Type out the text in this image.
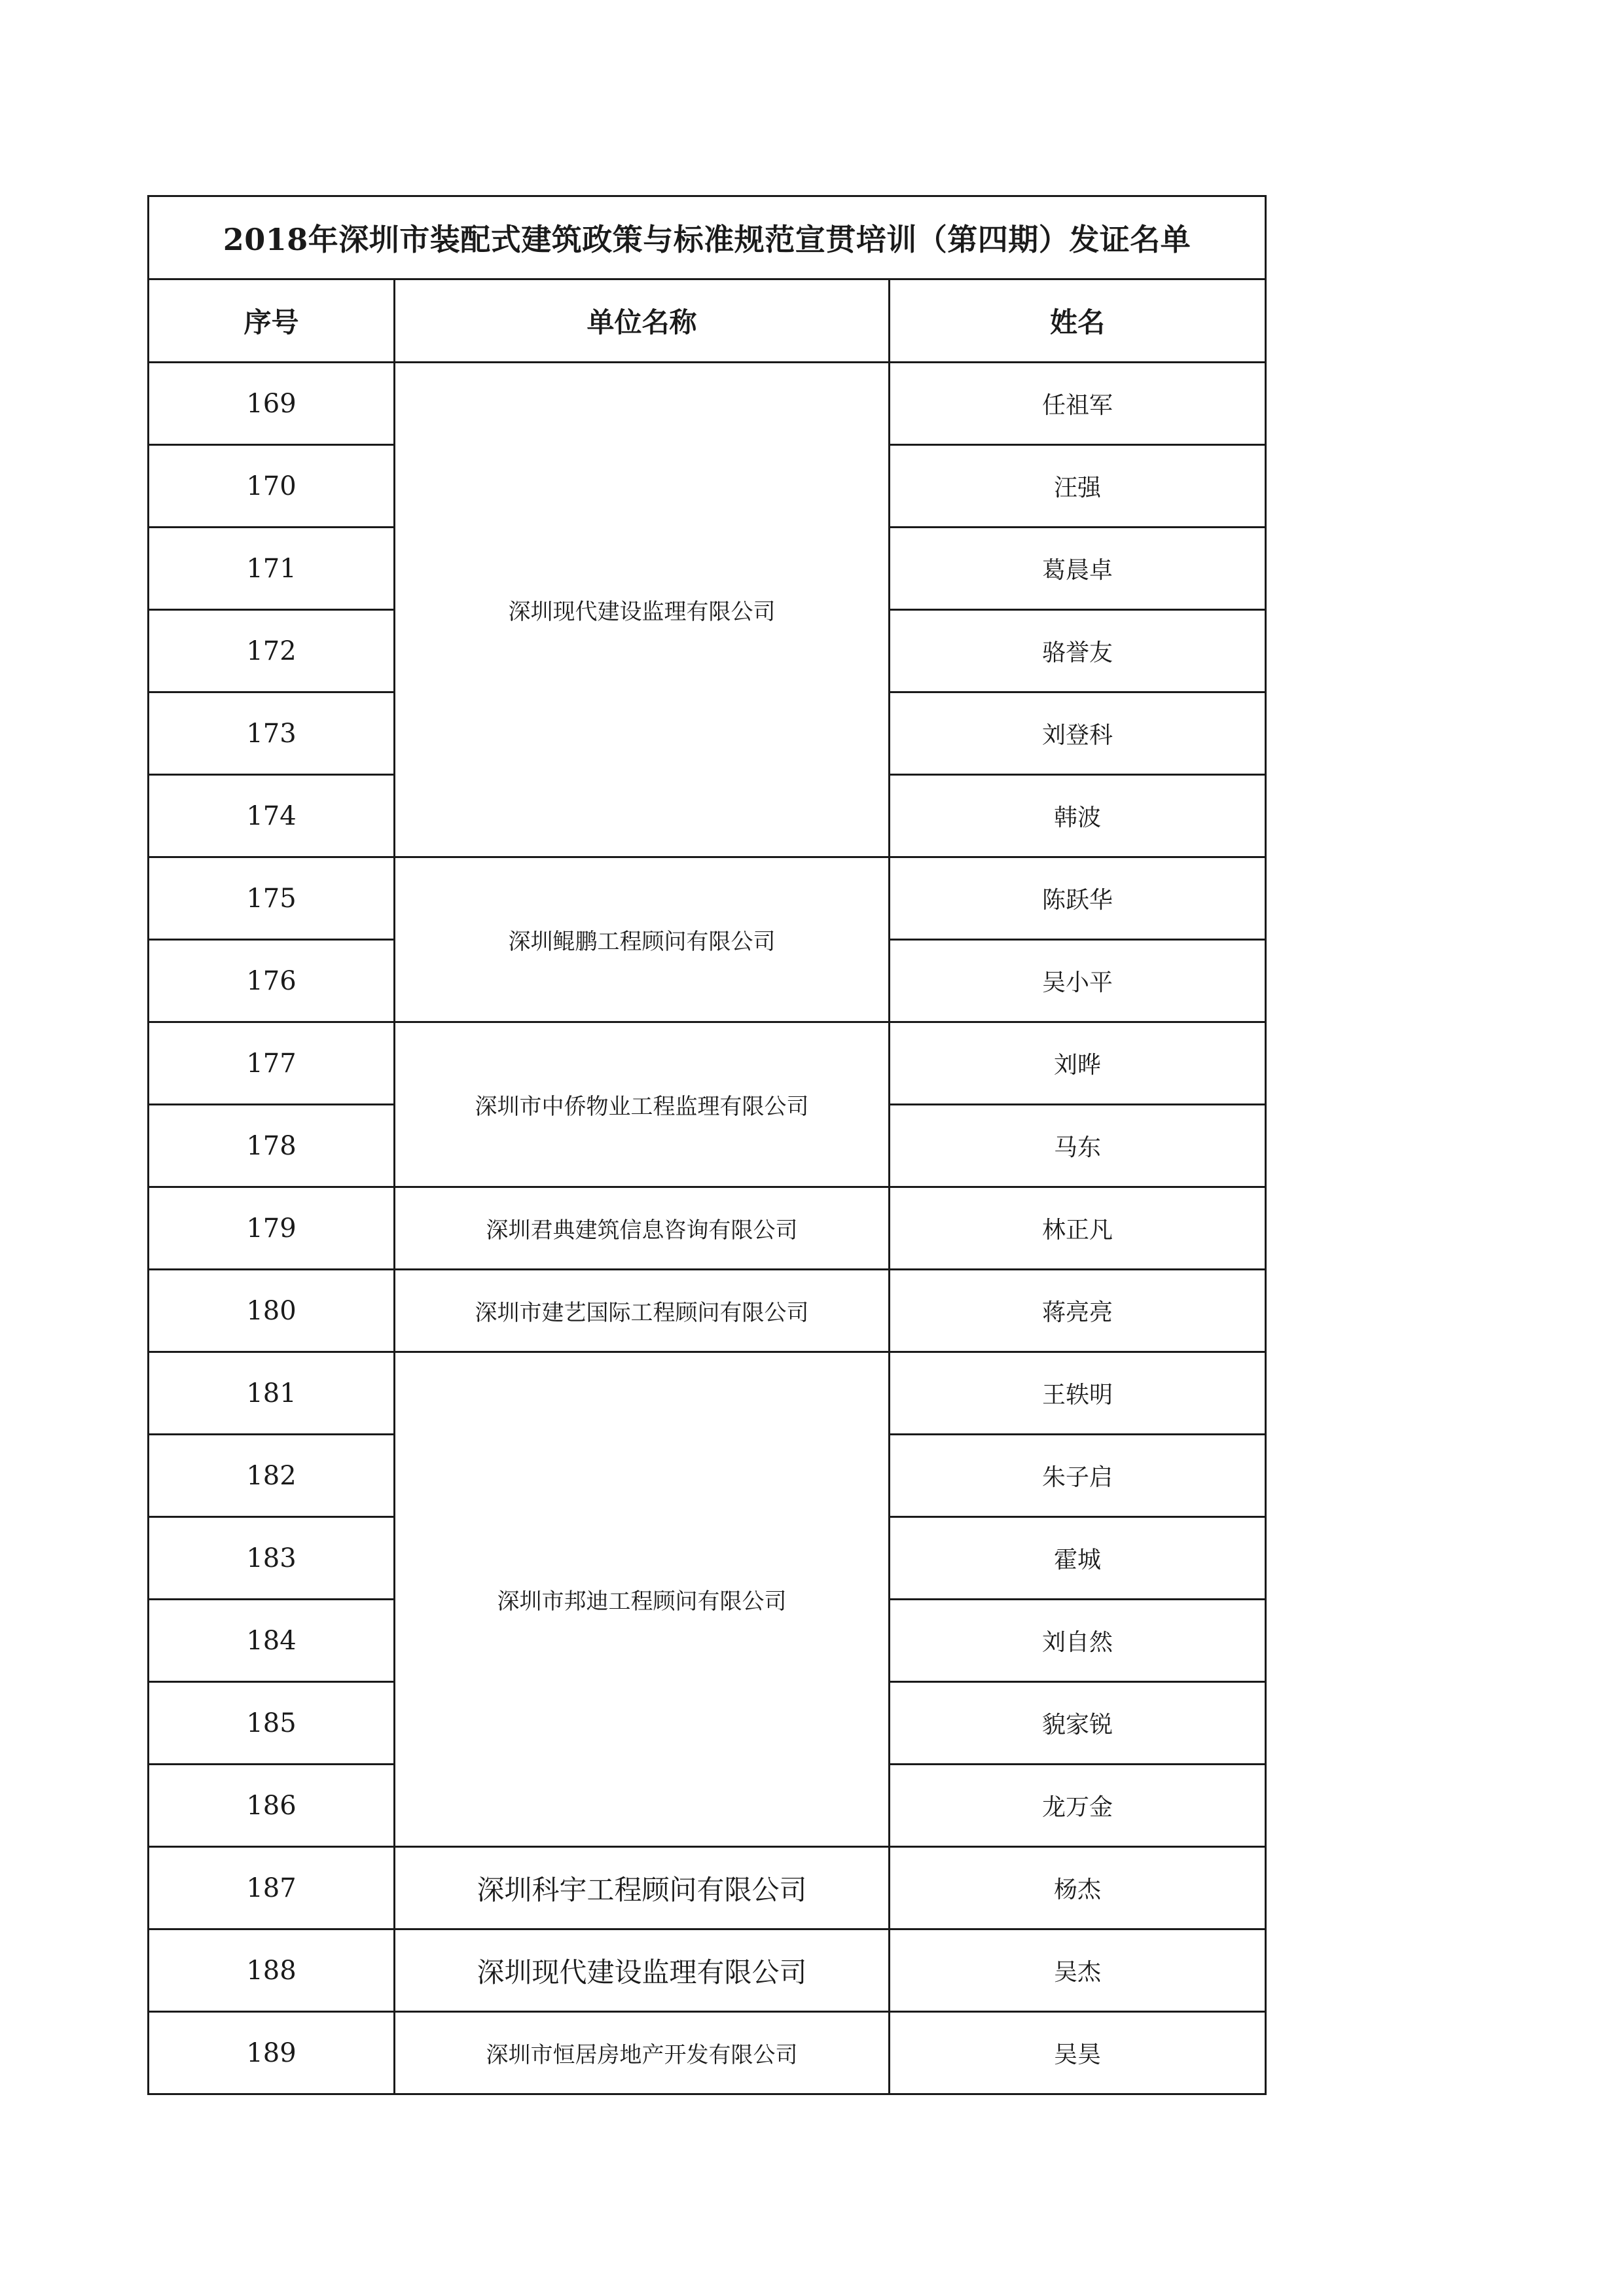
2018年深圳市装配式建筑政策与标准规范宣贯培训（第四期）发证名单		
序号	单位名称	姓名
169	深圳现代建设监理有限公司	任祖军
170		汪强
171		葛晨卓
172		骆誉友
173		刘登科
174		韩波
175	深圳鲲鹏工程顾问有限公司	陈跃华
176		吴小平
177	深圳市中侨物业工程监理有限公司	刘晔
178		马东
179	深圳君典建筑信息咨询有限公司	林正凡
180	深圳市建艺国际工程顾问有限公司	蒋亮亮
181	深圳市邦迪工程顾问有限公司	王轶明
182		朱子启
183		霍城
184		刘自然
185		貌家锐
186		龙万金
187	深圳科宇工程顾问有限公司	杨杰
188	深圳现代建设监理有限公司	吴杰
189	深圳市恒居房地产开发有限公司	吴昊
